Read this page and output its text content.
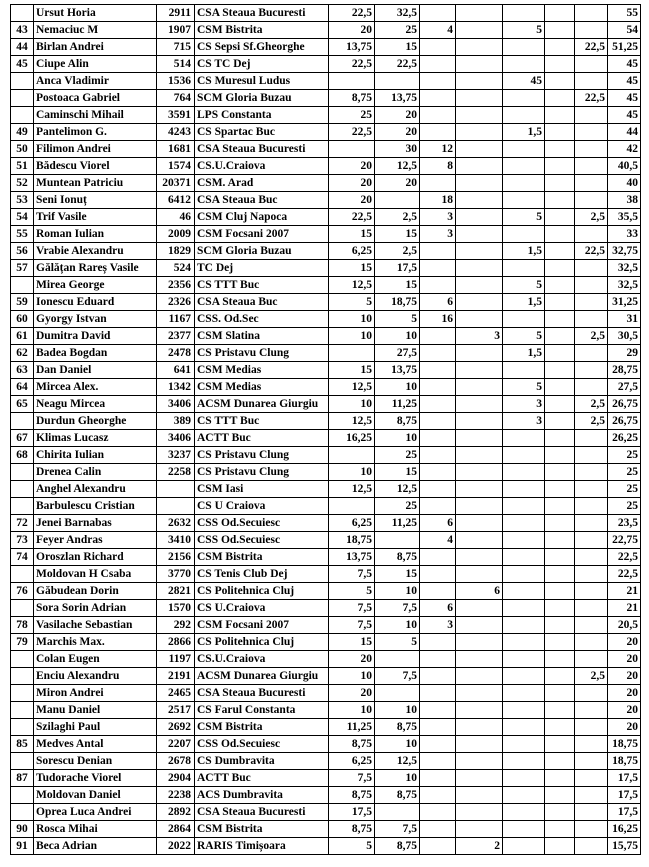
	Ursut Horia	2911	CSA Steaua Bucuresti	22,5	32,5						55
43	Nemaciuc M	1907	CSM Bistrita	20	25	4		5			54
44	Birlan Andrei	715	CS Sepsi Sf.Gheorghe	13,75	15					22,5	51,25
45	Ciupe Alin	514	CS TC Dej	22,5	22,5						45
	Anca Vladimir	1536	CS Muresul Ludus					45			45
	Postoaca Gabriel	764	SCM Gloria Buzau	8,75	13,75					22,5	45
	Caminschi Mihail	3591	LPS Constanta	25	20						45
49	Pantelimon G.	4243	CS Spartac Buc	22,5	20			1,5			44
50	Filimon Andrei	1681	CSA Steaua Bucuresti		30	12					42
51	Bădescu Viorel	1574	CS.U.Craiova	20	12,5	8					40,5
52	Muntean Patriciu	20371	CSM. Arad	20	20						40
53	Seni Ionuț	6412	CSA Steaua Buc	20		18					38
54	Trif Vasile	46	CSM Cluj Napoca	22,5	2,5	3		5		2,5	35,5
55	Roman Iulian	2009	CSM Focsani 2007	15	15	3					33
56	Vrabie Alexandru	1829	SCM Gloria Buzau	6,25	2,5			1,5		22,5	32,75
57	Gălățan Rareș Vasile	524	TC Dej	15	17,5						32,5
	Mirea George	2356	CS TTT Buc	12,5	15			5			32,5
59	Ionescu Eduard	2326	CSA Steaua Buc	5	18,75	6		1,5			31,25
60	Gyorgy Istvan	1167	CSS. Od.Sec	10	5	16					31
61	Dumitra David	2377	CSM Slatina	10	10		3	5		2,5	30,5
62	Badea Bogdan	2478	CS Pristavu Clung		27,5			1,5			29
63	Dan Daniel	641	CSM Medias	15	13,75						28,75
64	Mircea Alex.	1342	CSM Medias	12,5	10			5			27,5
65	Neagu Mircea	3406	ACSM Dunarea Giurgiu	10	11,25			3		2,5	26,75
	Durdun Gheorghe	389	CS TTT Buc	12,5	8,75			3		2,5	26,75
67	Klimas Lucasz	3406	ACTT Buc	16,25	10						26,25
68	Chirita Iulian	3237	CS Pristavu Clung		25						25
	Drenea Calin	2258	CS Pristavu Clung	10	15						25
	Anghel Alexandru		CSM Iasi	12,5	12,5						25
	Barbulescu Cristian		CS U Craiova		25						25
72	Jenei Barnabas	2632	CSS Od.Secuiesc	6,25	11,25	6					23,5
73	Feyer Andras	3410	CSS Od.Secuiesc	18,75		4					22,75
74	Oroszlan Richard	2156	CSM Bistrita	13,75	8,75						22,5
	Moldovan H Csaba	3770	CS Tenis Club Dej	7,5	15						22,5
76	Găbudean Dorin	2821	CS Politehnica Cluj	5	10		6				21
	Sora Sorin Adrian	1570	CS U.Craiova	7,5	7,5	6					21
78	Vasilache Sebastian	292	CSM Focsani 2007	7,5	10	3					20,5
79	Marchis Max.	2866	CS Politehnica Cluj	15	5						20
	Colan Eugen	1197	CS.U.Craiova	20							20
	Enciu Alexandru	2191	ACSM Dunarea Giurgiu	10	7,5					2,5	20
	Miron Andrei	2465	CSA Steaua Bucuresti	20							20
	Manu Daniel	2517	CS Farul Constanta	10	10						20
	Szilaghi Paul	2692	CSM Bistrita	11,25	8,75						20
85	Medves Antal	2207	CSS Od.Secuiesc	8,75	10						18,75
	Sorescu Denian	2678	CS Dumbravita	6,25	12,5						18,75
87	Tudorache Viorel	2904	ACTT Buc	7,5	10						17,5
	Moldovan Daniel	2238	ACS Dumbravita	8,75	8,75						17,5
	Oprea Luca Andrei	2892	CSA Steaua Bucuresti	17,5							17,5
90	Rosca Mihai	2864	CSM Bistrita	8,75	7,5						16,25
91	Beca Adrian	2022	RARIS Timișoara	5	8,75		2				15,75
